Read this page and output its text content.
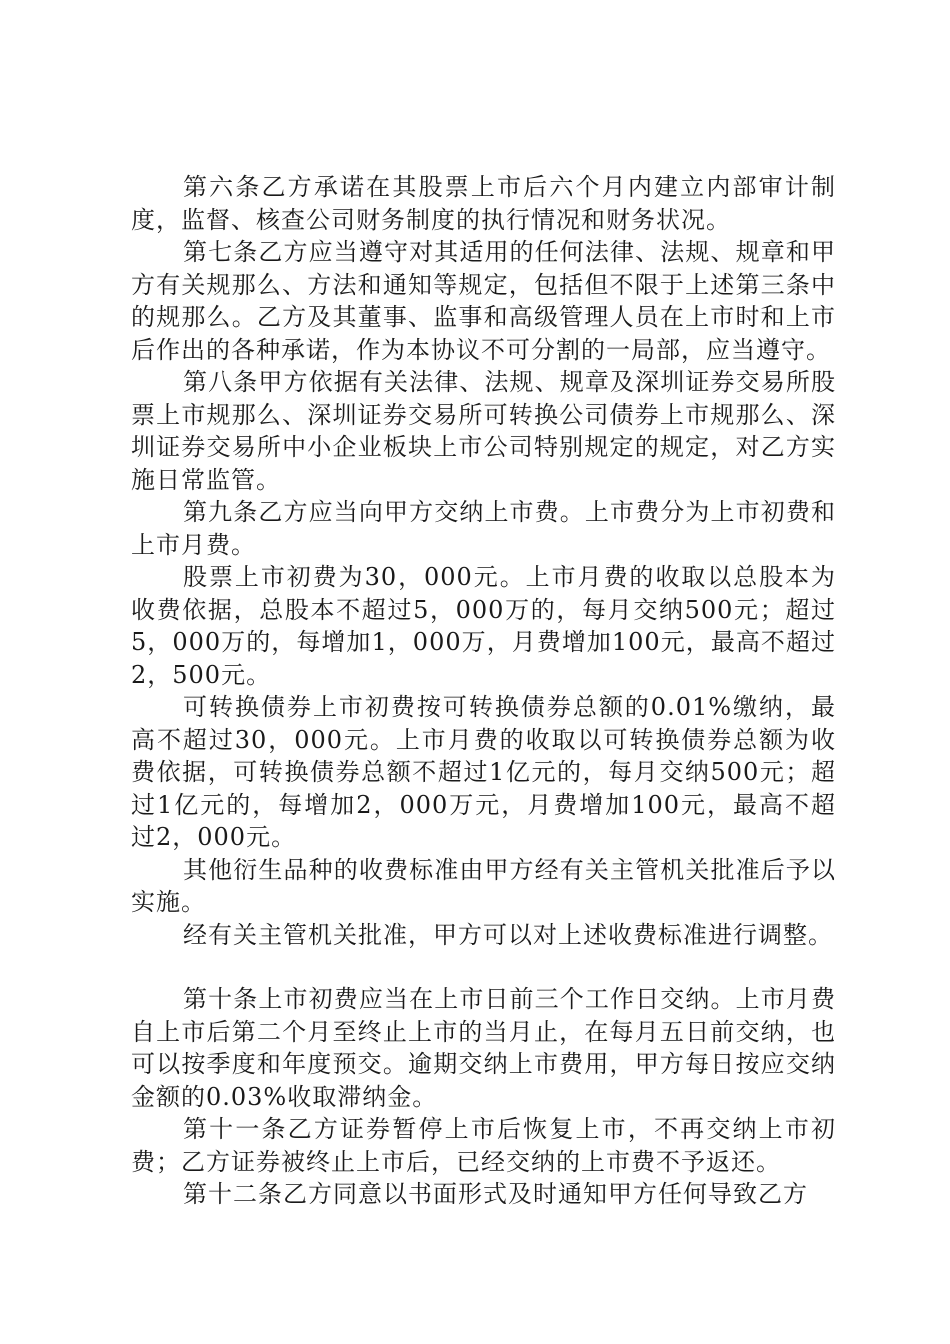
第六条乙方承诺在其股票上市后六个月内建立内部审计制度，监督、核查公司财务制度的执行情况和财务状况。

第七条乙方应当遵守对其适用的任何法律、法规、规章和甲方有关规那么、方法和通知等规定，包括但不限于上述第三条中的规那么。乙方及其董事、监事和高级管理人员在上市时和上市后作出的各种承诺，作为本协议不可分割的一局部，应当遵守。

第八条甲方依据有关法律、法规、规章及深圳证券交易所股票上市规那么、深圳证券交易所可转换公司债券上市规那么、深圳证券交易所中小企业板块上市公司特别规定的规定，对乙方实施日常监管。

第九条乙方应当向甲方交纳上市费。上市费分为上市初费和上市月费。

股票上市初费为30，000元。上市月费的收取以总股本为收费依据，总股本不超过5，000万的，每月交纳500元；超过5，000万的，每增加1，000万，月费增加100元，最高不超过2，500元。

可转换债券上市初费按可转换债券总额的0.01%缴纳，最高不超过30，000元。上市月费的收取以可转换债券总额为收费依据，可转换债券总额不超过1亿元的，每月交纳500元；超过1亿元的，每增加2，000万元，月费增加100元，最高不超过2，000元。

其他衍生品种的收费标准由甲方经有关主管机关批准后予以实施。

经有关主管机关批准，甲方可以对上述收费标准进行调整。

第十条上市初费应当在上市日前三个工作日交纳。上市月费自上市后第二个月至终止上市的当月止，在每月五日前交纳，也可以按季度和年度预交。逾期交纳上市费用，甲方每日按应交纳金额的0.03%收取滞纳金。

第十一条乙方证券暂停上市后恢复上市，不再交纳上市初费；乙方证券被终止上市后，已经交纳的上市费不予返还。

第十二条乙方同意以书面形式及时通知甲方任何导致乙方
